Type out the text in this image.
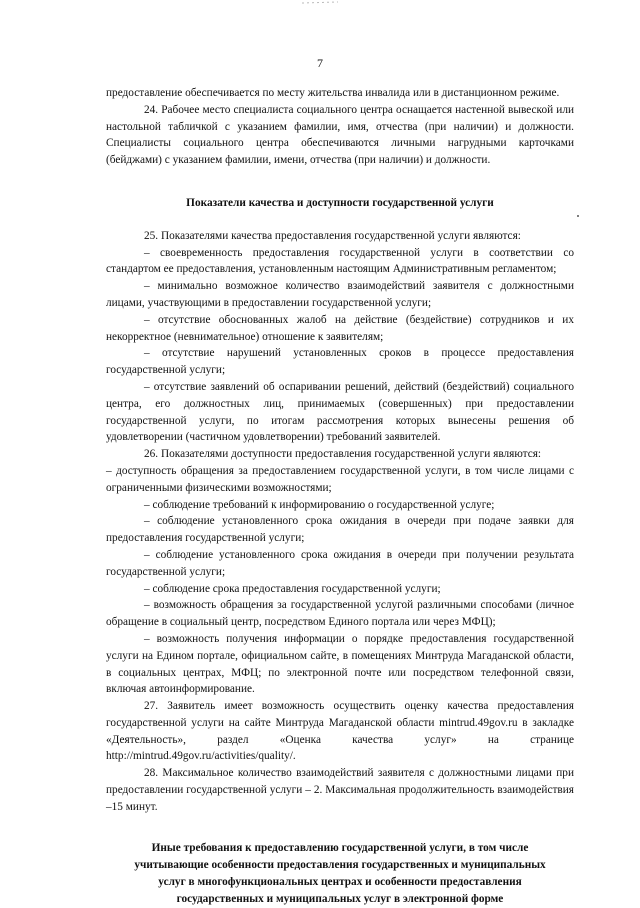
7

предоставление обеспечивается по месту жительства инвалида или в дистанционном режиме.

24. Рабочее место специалиста социального центра оснащается настенной вывеской или настольной табличкой с указанием фамилии, имя, отчества (при наличии) и должности. Специалисты социального центра обеспечиваются личными нагрудными карточками (бейджами) с указанием фамилии, имени, отчества (при наличии) и должности.

Показатели качества и доступности государственной услуги

25. Показателями качества предоставления государственной услуги являются:

– своевременность предоставления государственной услуги в соответствии со стандартом ее предоставления, установленным настоящим Административным регламентом;

– минимально возможное количество взаимодействий заявителя с должностными лицами, участвующими в предоставлении государственной услуги;

– отсутствие обоснованных жалоб на действие (бездействие) сотрудников и их некорректное (невнимательное) отношение к заявителям;

– отсутствие нарушений установленных сроков в процессе предоставления государственной услуги;

– отсутствие заявлений об оспаривании решений, действий (бездействий) социального центра, его должностных лиц, принимаемых (совершенных) при предоставлении государственной услуги, по итогам рассмотрения которых вынесены решения об удовлетворении (частичном удовлетворении) требований заявителей.

26. Показателями доступности предоставления государственной услуги являются:

– доступность обращения за предоставлением государственной услуги, в том числе лицами с ограниченными физическими возможностями;

– соблюдение требований к информированию о государственной услуге;

– соблюдение установленного срока ожидания в очереди при подаче заявки для предоставления государственной услуги;

– соблюдение установленного срока ожидания в очереди при получении результата государственной услуги;

– соблюдение срока предоставления государственной услуги;

– возможность обращения за государственной услугой различными способами (личное обращение в социальный центр, посредством Единого портала или через МФЦ);

– возможность получения информации о порядке предоставления государственной услуги на Едином портале, официальном сайте, в помещениях Минтруда Магаданской области, в социальных центрах, МФЦ; по электронной почте или посредством телефонной связи, включая автоинформирование.

27. Заявитель имеет возможность осуществить оценку качества предоставления государственной услуги на сайте Минтруда Магаданской области mintrud.49gov.ru в закладке «Деятельность», раздел «Оценка качества услуг» на странице http://mintrud.49gov.ru/activities/quality/.

28. Максимальное количество взаимодействий заявителя с должностными лицами при предоставлении государственной услуги – 2. Максимальная продолжительность взаимодействия –15 минут.

Иные требования к предоставлению государственной услуги, в том числе
учитывающие особенности предоставления государственных и муниципальных
услуг в многофункциональных центрах и особенности предоставления
государственных и муниципальных услуг в электронной форме
